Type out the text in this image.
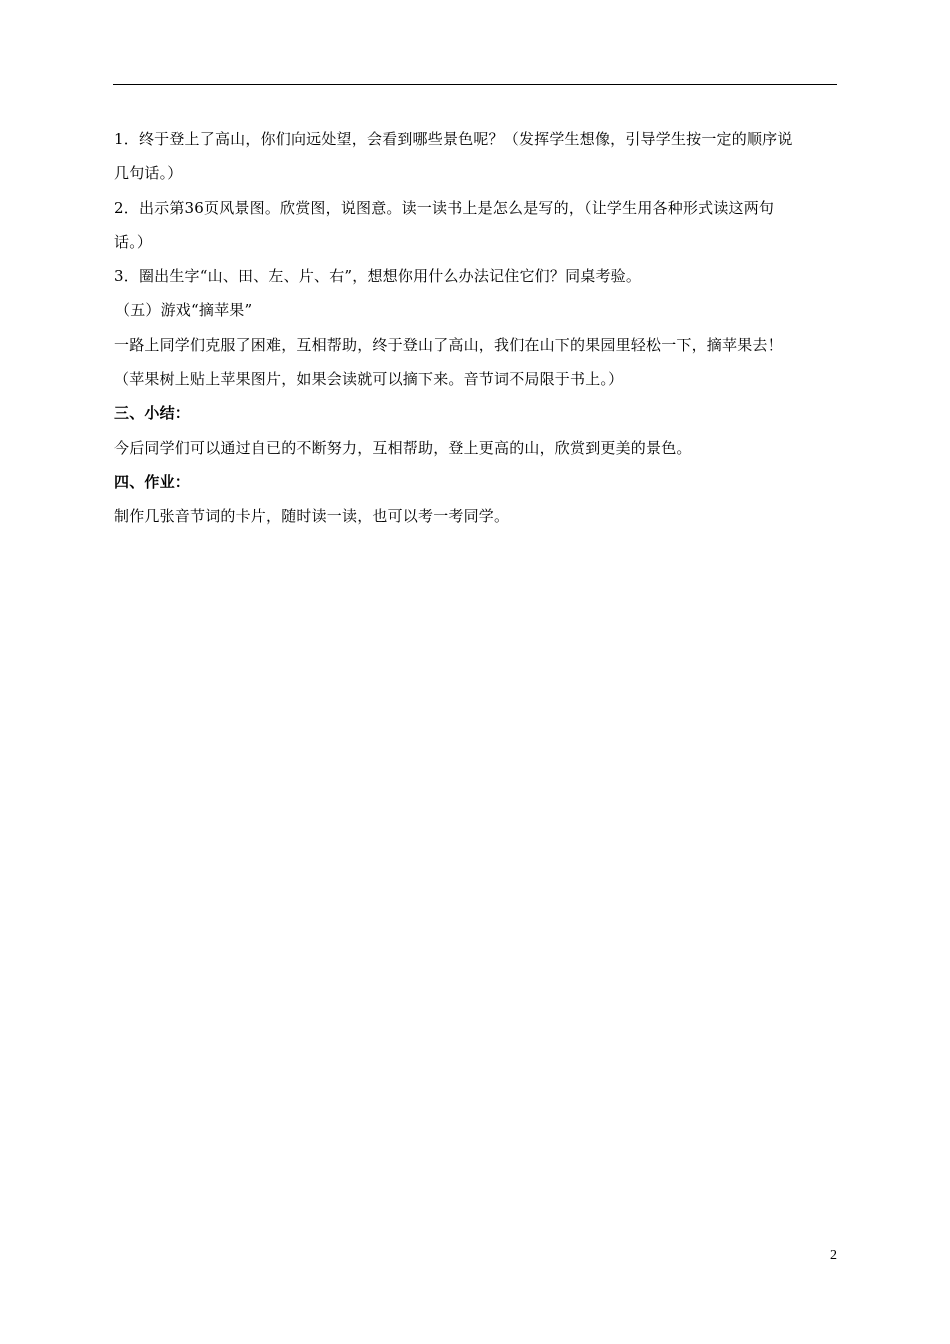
1．终于登上了高山，你们向远处望，会看到哪些景色呢？（发挥学生想像，引导学生按一定的顺序说
几句话。）
2．出示第36页风景图。欣赏图，说图意。读一读书上是怎么是写的，（让学生用各种形式读这两句
话。）
3．圈出生字“山、田、左、片、右”，想想你用什么办法记住它们？同桌考验。
（五）游戏“摘苹果”
一路上同学们克服了困难，互相帮助，终于登山了高山，我们在山下的果园里轻松一下，摘苹果去！
（苹果树上贴上苹果图片，如果会读就可以摘下来。音节词不局限于书上。）
三、小结：
今后同学们可以通过自已的不断努力，互相帮助，登上更高的山，欣赏到更美的景色。
四、作业：
制作几张音节词的卡片，随时读一读，也可以考一考同学。
2
